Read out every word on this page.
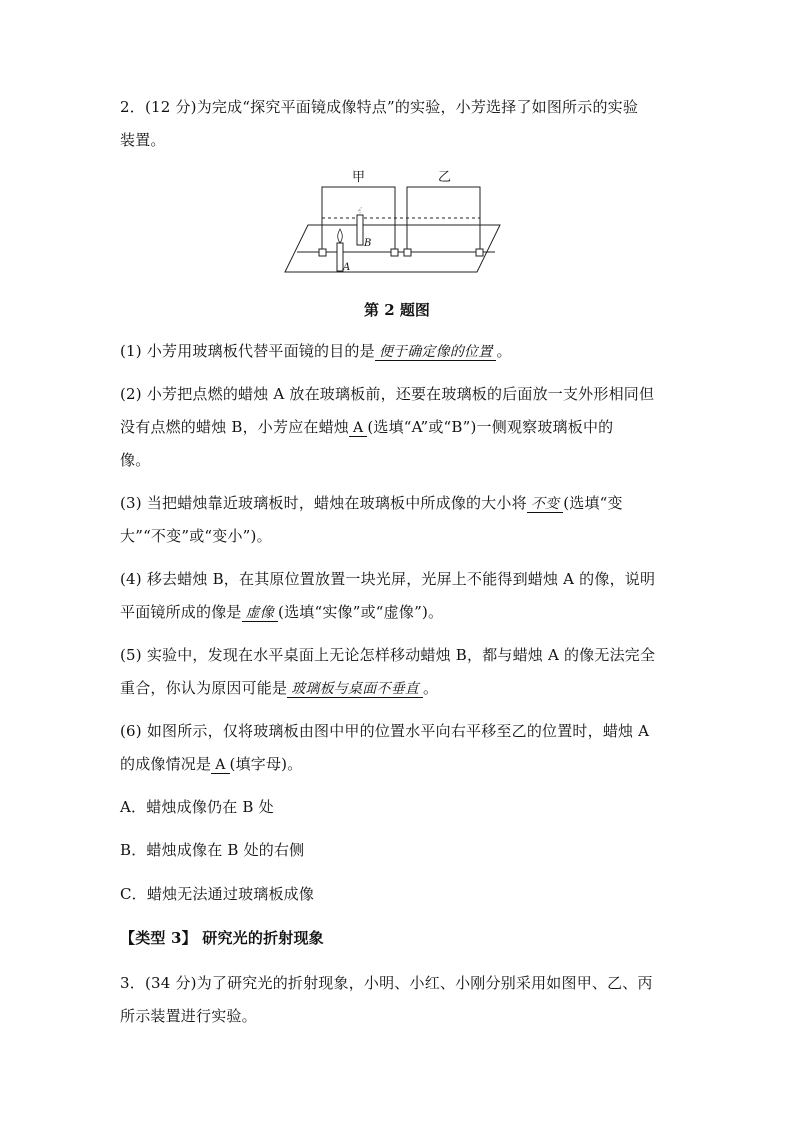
2．(12 分)为完成“探究平面镜成像特点”的实验，小芳选择了如图所示的实验
装置。
甲	乙
B
A
第 2 题图
(1) 小芳用玻璃板代替平面镜的目的是 便于确定像的位置 。
(2) 小芳把点燃的蜡烛 A 放在玻璃板前，还要在玻璃板的后面放一支外形相同但
没有点燃的蜡烛 B，小芳应在蜡烛 A (选填“A”或“B”)一侧观察玻璃板中的
像。
(3) 当把蜡烛靠近玻璃板时，蜡烛在玻璃板中所成像的大小将 不变 (选填“变
大”“不变”或“变小”)。
(4) 移去蜡烛 B，在其原位置放置一块光屏，光屏上不能得到蜡烛 A 的像，说明
平面镜所成的像是 虚像 (选填“实像”或“虚像”)。
(5) 实验中，发现在水平桌面上无论怎样移动蜡烛 B，都与蜡烛 A 的像无法完全
重合，你认为原因可能是 玻璃板与桌面不垂直 。
(6) 如图所示，仅将玻璃板由图中甲的位置水平向右平移至乙的位置时，蜡烛 A
的成像情况是 A (填字母)。
A．蜡烛成像仍在 B 处
B．蜡烛成像在 B 处的右侧
C．蜡烛无法通过玻璃板成像
【类型 3】 研究光的折射现象
3．(34 分)为了研究光的折射现象，小明、小红、小刚分别采用如图甲、乙、丙
所示装置进行实验。
